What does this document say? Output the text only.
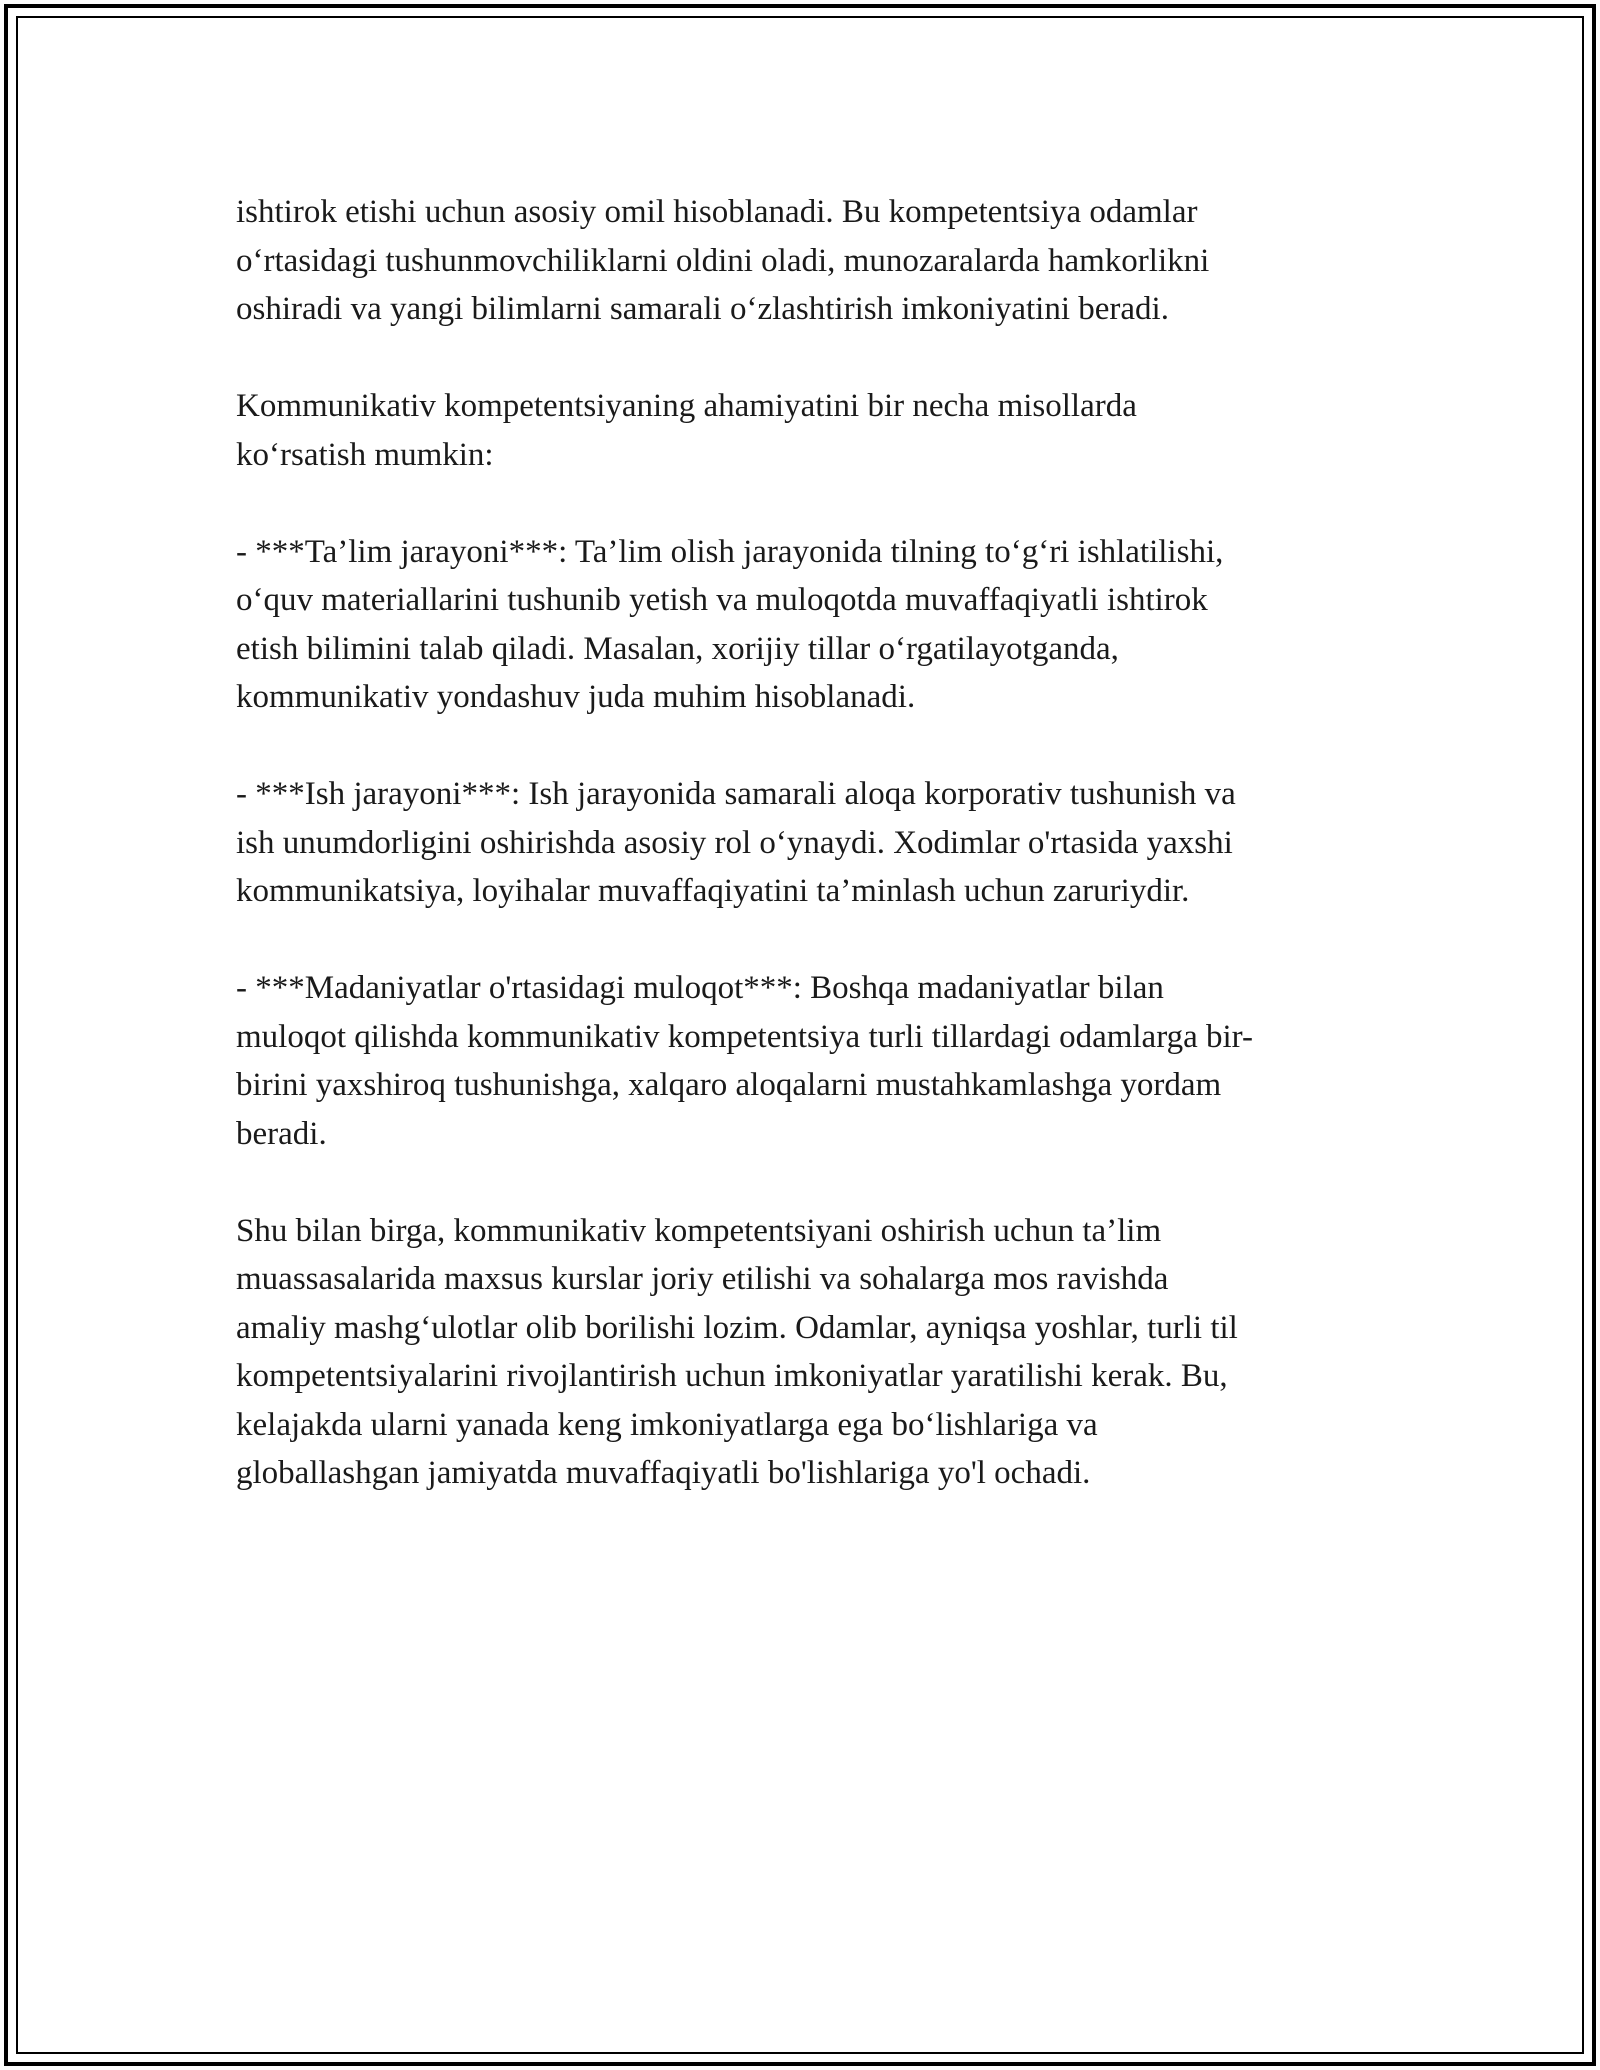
ishtirok etishi uchun asosiy omil hisoblanadi. Bu kompetentsiya odamlar
o‘rtasidagi tushunmovchiliklarni oldini oladi, munozaralarda hamkorlikni
oshiradi va yangi bilimlarni samarali o‘zlashtirish imkoniyatini beradi.

Kommunikativ kompetentsiyaning ahamiyatini bir necha misollarda
ko‘rsatish mumkin:

- ***Ta’lim jarayoni***: Ta’lim olish jarayonida tilning to‘g‘ri ishlatilishi,
o‘quv materiallarini tushunib yetish va muloqotda muvaffaqiyatli ishtirok
etish bilimini talab qiladi. Masalan, xorijiy tillar o‘rgatilayotganda,
kommunikativ yondashuv juda muhim hisoblanadi.

- ***Ish jarayoni***: Ish jarayonida samarali aloqa korporativ tushunish va
ish unumdorligini oshirishda asosiy rol o‘ynaydi. Xodimlar o'rtasida yaxshi
kommunikatsiya, loyihalar muvaffaqiyatini ta’minlash uchun zaruriydir.

- ***Madaniyatlar o'rtasidagi muloqot***: Boshqa madaniyatlar bilan
muloqot qilishda kommunikativ kompetentsiya turli tillardagi odamlarga bir-
birini yaxshiroq tushunishga, xalqaro aloqalarni mustahkamlashga yordam
beradi.

Shu bilan birga, kommunikativ kompetentsiyani oshirish uchun ta’lim
muassasalarida maxsus kurslar joriy etilishi va sohalarga mos ravishda
amaliy mashg‘ulotlar olib borilishi lozim. Odamlar, ayniqsa yoshlar, turli til
kompetentsiyalarini rivojlantirish uchun imkoniyatlar yaratilishi kerak. Bu,
kelajakda ularni yanada keng imkoniyatlarga ega bo‘lishlariga va
globallashgan jamiyatda muvaffaqiyatli bo'lishlariga yo'l ochadi.
